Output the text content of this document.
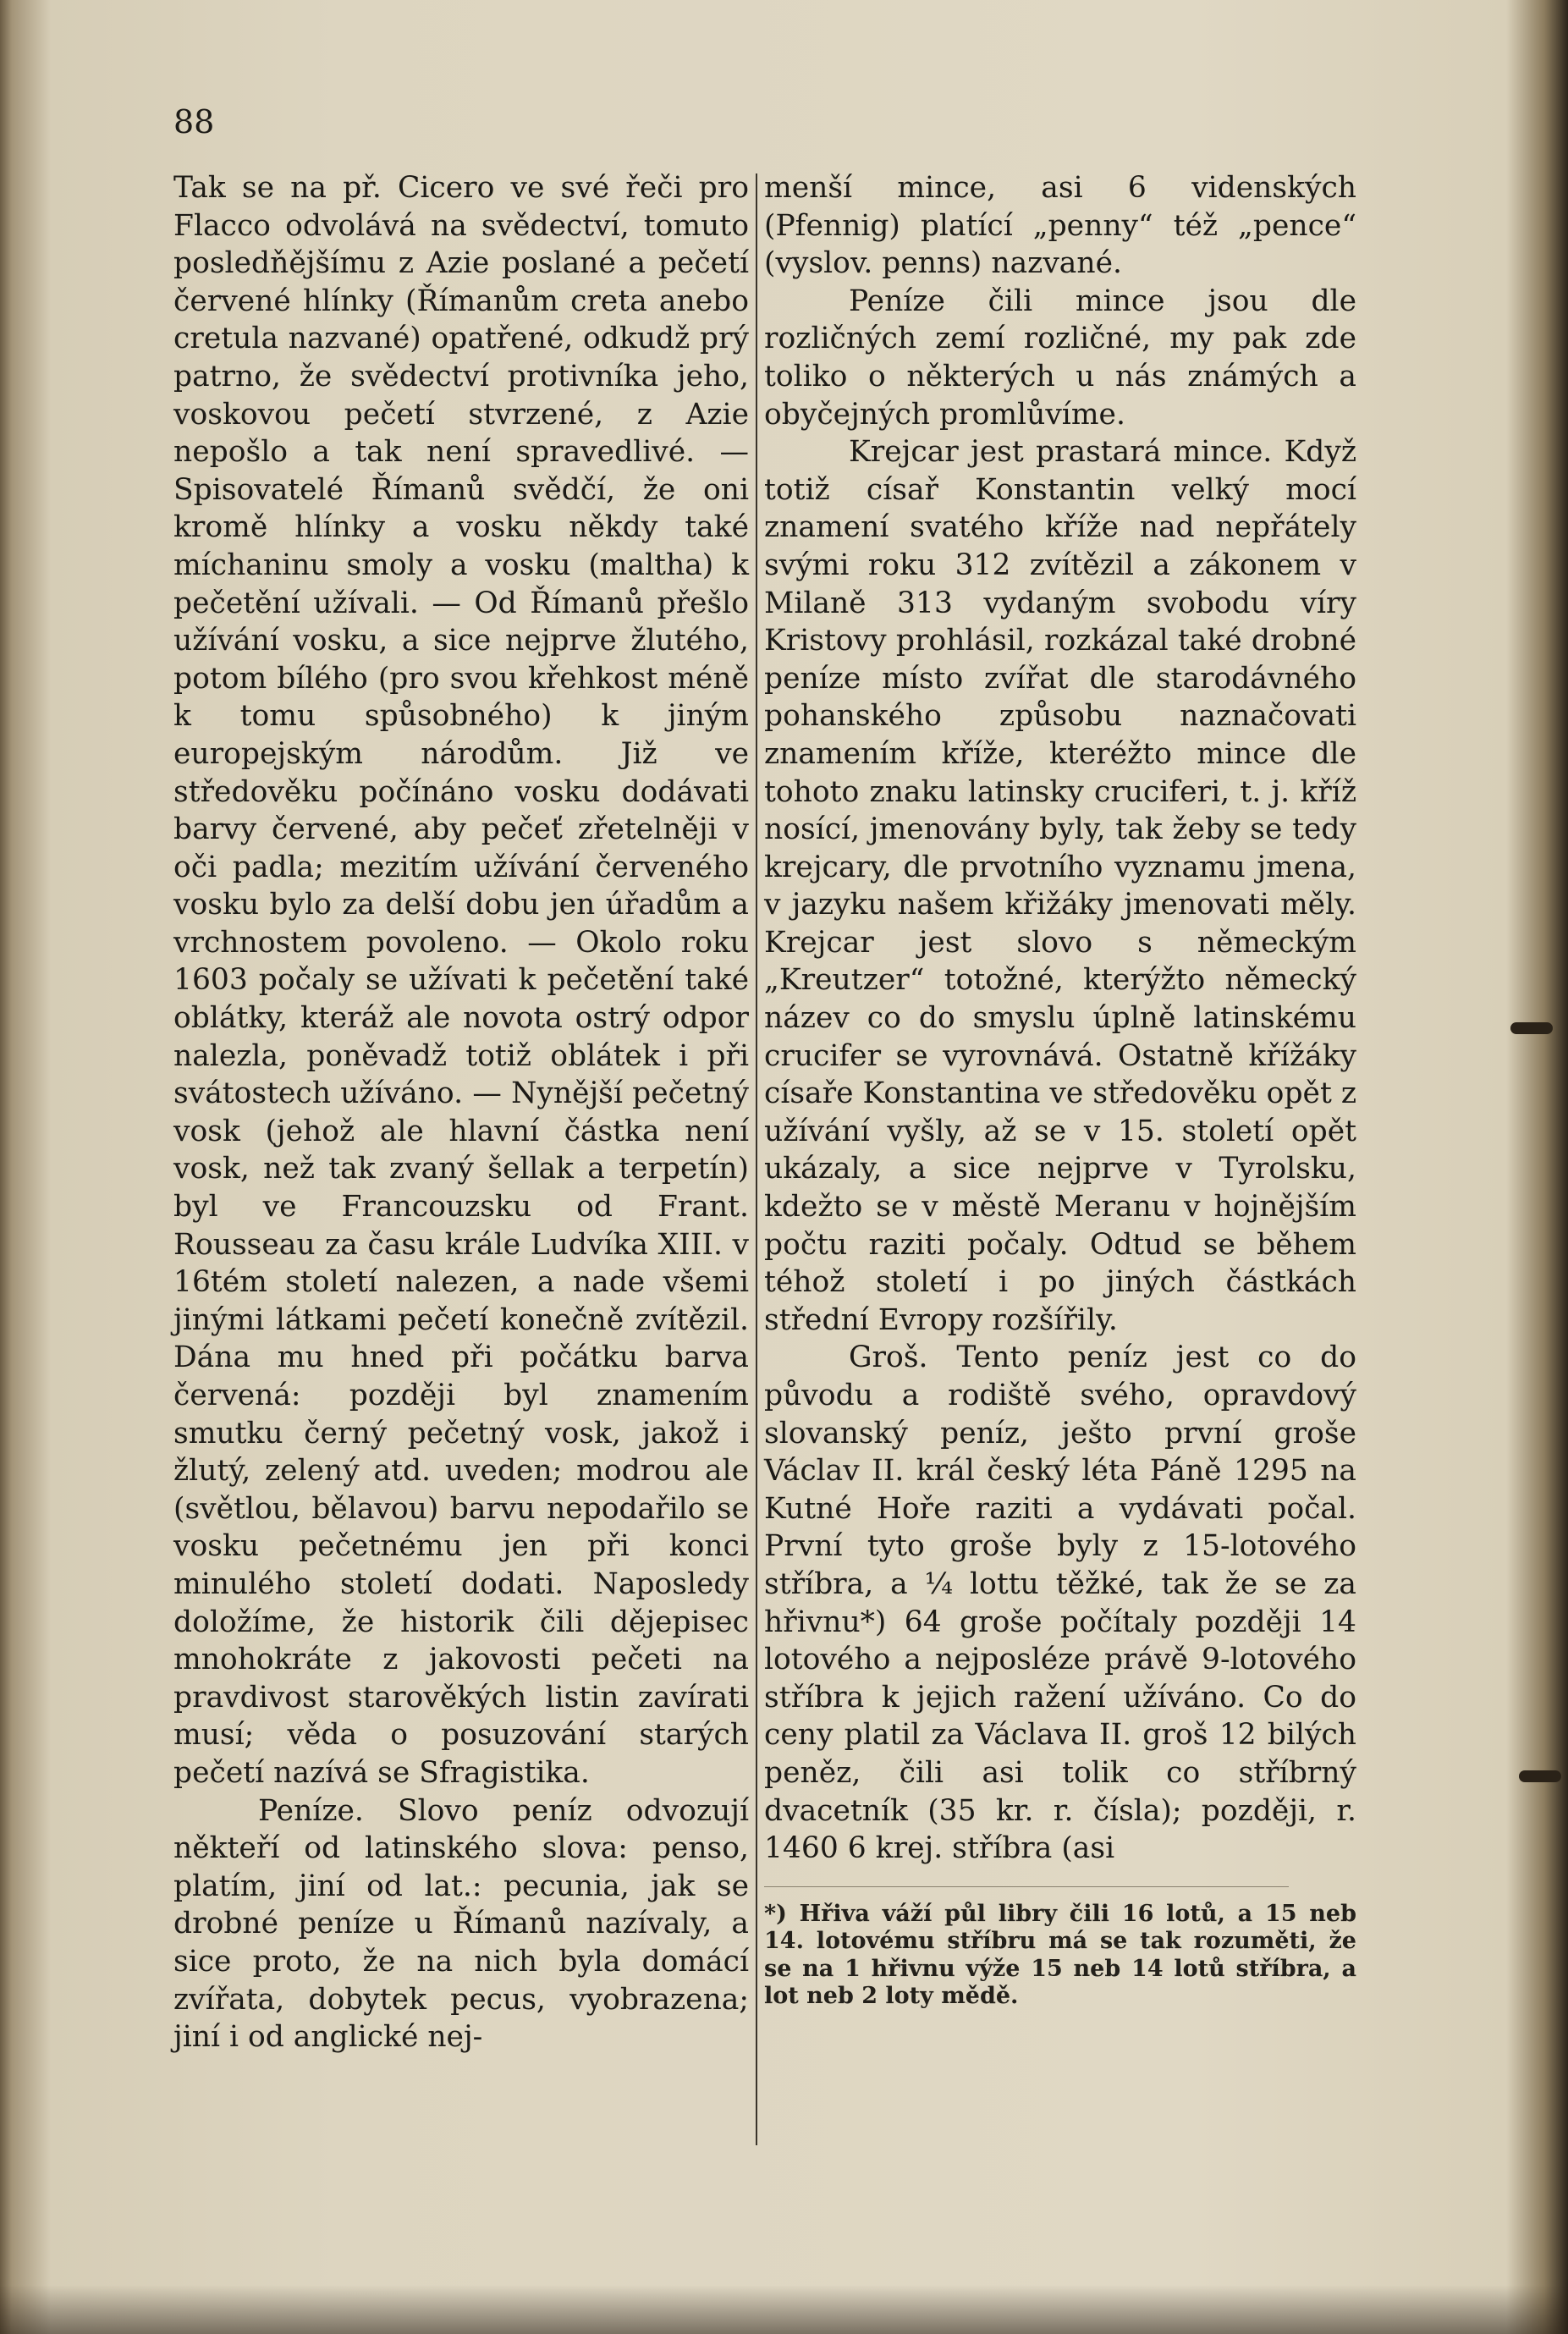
88

Tak se na př. Cicero ve své řeči pro Flacco odvolává na svědectví, tomuto posledňějšímu z Azie poslané a pečetí červené hlínky (Římanům creta anebo cretula nazvané) opatřené, odkudž prý patrno, že svědectví protivníka jeho, voskovou pečetí stvrzené, z Azie nepošlo a tak není spravedlivé. — Spisovatelé Římanů svědčí, že oni kromě hlínky a vosku někdy také míchaninu smoly a vosku (maltha) k pečetění užívali. — Od Římanů přešlo užívání vosku, a sice nejprve žlutého, potom bílého (pro svou křehkost méně k tomu spůsobného) k jiným europejským národům. Již ve středověku počínáno vosku dodávati barvy červené, aby pečeť zřetelněji v oči padla; mezitím užívání červeného vosku bylo za delší dobu jen úřadům a vrchnostem povoleno. — Okolo roku 1603 počaly se užívati k pečetění také oblátky, kteráž ale novota ostrý odpor nalezla, poněvadž totiž oblátek i při svátostech užíváno. — Nynější pečetný vosk (jehož ale hlavní částka není vosk, než tak zvaný šellak a terpetín) byl ve Francouzsku od Frant. Rousseau za času krále Ludvíka XIII. v 16tém století nalezen, a nade všemi jinými látkami pečetí konečně zvítězil. Dána mu hned při počátku barva červená: později byl znamením smutku černý pečetný vosk, jakož i žlutý, zelený atd. uveden; modrou ale (světlou, bělavou) barvu nepodařilo se vosku pečetnému jen při konci minulého století dodati. Naposledy doložíme, že historik čili dějepisec mnohokráte z jakovosti pečeti na pravdivost starověkých listin zavírati musí; věda o posuzování starých pečetí nazívá se Sfragistika.

Peníze. Slovo peníz odvozují někteří od latinského slova: penso, platím, jiní od lat.: pecunia, jak se drobné peníze u Římanů nazívaly, a sice proto, že na nich byla domácí zvířata, dobytek pecus, vyobrazena; jiní i od anglické nej-

menší mince, asi 6 videnských (Pfennig) platící „penny“ též „pence“ (vyslov. penns) nazvané.

Peníze čili mince jsou dle rozličných zemí rozličné, my pak zde toliko o některých u nás známých a obyčejných promlůvíme.

Krejcar jest prastará mince. Když totiž císař Konstantin velký mocí znamení svatého kříže nad nepřátely svými roku 312 zvítězil a zákonem v Milaně 313 vydaným svobodu víry Kristovy prohlásil, rozkázal také drobné peníze místo zvířat dle starodávného pohanského způsobu naznačovati znamením kříže, kteréžto mince dle tohoto znaku latinsky cruciferi, t. j. kříž nosící, jmenovány byly, tak žeby se tedy krejcary, dle prvotního vyznamu jmena, v jazyku našem křižáky jmenovati měly. Krejcar jest slovo s německým „Kreutzer“ totožné, kterýžto německý název co do smyslu úplně latinskému crucifer se vyrovnává. Ostatně křížáky císaře Konstantina ve středověku opět z užívání vyšly, až se v 15. století opět ukázaly, a sice nejprve v Tyrolsku, kdežto se v městě Meranu v hojnějším počtu raziti počaly. Odtud se během téhož století i po jiných částkách střední Evropy rozšířily.

Groš. Tento peníz jest co do původu a rodiště svého, opravdový slovanský peníz, ješto první groše Václav II. král český léta Páně 1295 na Kutné Hoře raziti a vydávati počal. První tyto groše byly z 15-lotového stříbra, a ¼ lottu těžké, tak že se za hřivnu*) 64 groše počítaly později 14 lotového a nejposléze právě 9-lotového stříbra k jejich ražení užíváno. Co do ceny platil za Václava II. groš 12 bilých peněz, čili asi tolik co stříbrný dvacetník (35 kr. r. čísla); později, r. 1460 6 krej. stříbra (asi

*) Hřiva váží půl libry čili 16 lotů, a 15 neb 14. lotovému stříbru má se tak rozuměti, že se na 1 hřivnu výže 15 neb 14 lotů stříbra, a lot neb 2 loty mědě.
